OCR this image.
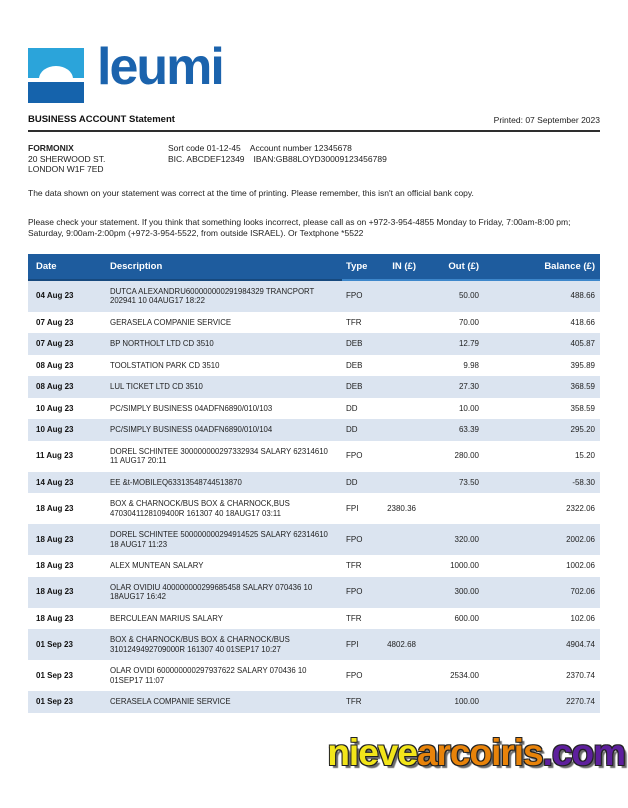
leumi
BUSINESS ACCOUNT Statement	Printed: 07 September 2023
FORMONIX
20 SHERWOOD ST.
LONDON W1F 7ED
Sort code 01-12-45 Account number 12345678
BIC. ABCDEF12349 IBAN:GB88LOYD30009123456789
The data shown on your statement was correct at the time of printing. Please remember, this isn't an official bank copy.
Please check your statement. If you think that something looks incorrect, please call as on +972-3-954-4855 Monday to Friday, 7:00am-8:00 pm; Saturday, 9:00am-2:00pm (+972-3-954-5522, from outside ISRAEL). Or Textphone *5522
Date	Description	Type	IN (£)	Out (£)	Balance (£)
04 Aug 23	DUTCA ALEXANDRU600000000291984329 TRANCPORT 202941 10 04AUG17 18:22	FPO		50.00	488.66
07 Aug 23	GERASELA COMPANIE SERVICE	TFR		70.00	418.66
07 Aug 23	BP NORTHOLT LTD CD 3510	DEB		12.79	405.87
08 Aug 23	TOOLSTATION PARK CD 3510	DEB		9.98	395.89
08 Aug 23	LUL TICKET LTD CD 3510	DEB		27.30	368.59
10 Aug 23	PC/SIMPLY BUSINESS 04ADFN6890/010/103	DD		10.00	358.59
10 Aug 23	PC/SIMPLY BUSINESS 04ADFN6890/010/104	DD		63.39	295.20
11 Aug 23	DOREL SCHINTEE 300000000297332934 SALARY 62314610 11 AUG17 20:11	FPO		280.00	15.20
14 Aug 23	EE &t-MOBILEQ63313548744513870	DD		73.50	-58.30
18 Aug 23	BOX & CHARNOCK/BUS BOX & CHARNOCK,BUS 4703041128109400R 161307 40 18AUG17 03:11	FPI	2380.36		2322.06
18 Aug 23	DOREL SCHINTEE 500000000294914525 SALARY 62314610 18 AUG17 11:23	FPO		320.00	2002.06
18 Aug 23	ALEX MUNTEAN SALARY	TFR		1000.00	1002.06
18 Aug 23	OLAR OVIDIU 400000000299685458 SALARY 070436 10 18AUG17 16:42	FPO		300.00	702.06
18 Aug 23	BERCULEAN MARIUS SALARY	TFR		600.00	102.06
01 Sep 23	BOX & CHARNOCK/BUS BOX & CHARNOCK/BUS 3101249492709000R 161307 40 01SEP17 10:27	FPI	4802.68		4904.74
01 Sep 23	OLAR OVIDI 600000000297937622 SALARY 070436 10 01SEP17 11:07	FPO		2534.00	2370.74
01 Sep 23	CERASELA COMPANIE SERVICE	TFR		100.00	2270.74
nievearcoiris.com
